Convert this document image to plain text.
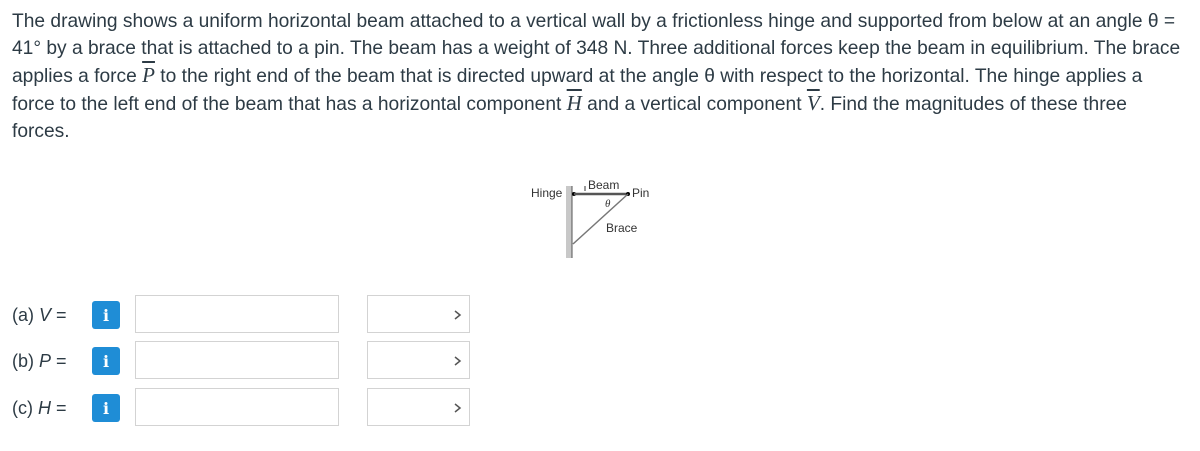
The drawing shows a uniform horizontal beam attached to a vertical wall by a frictionless hinge and supported from below at an angle θ = 41° by a brace that is attached to a pin. The beam has a weight of 348 N. Three additional forces keep the beam in equilibrium. The brace applies a force $\overline{P}$ to the right end of the beam that is directed upward at the angle θ with respect to the horizontal. The hinge applies a force to the left end of the beam that has a horizontal component $\overline{H}$ and a vertical component $\overline{V}$. Find the magnitudes of these three forces.

Hinge
Beam
Pin
θ
Brace
(a) V =	i
(b) P =	i
(c) H =	i
